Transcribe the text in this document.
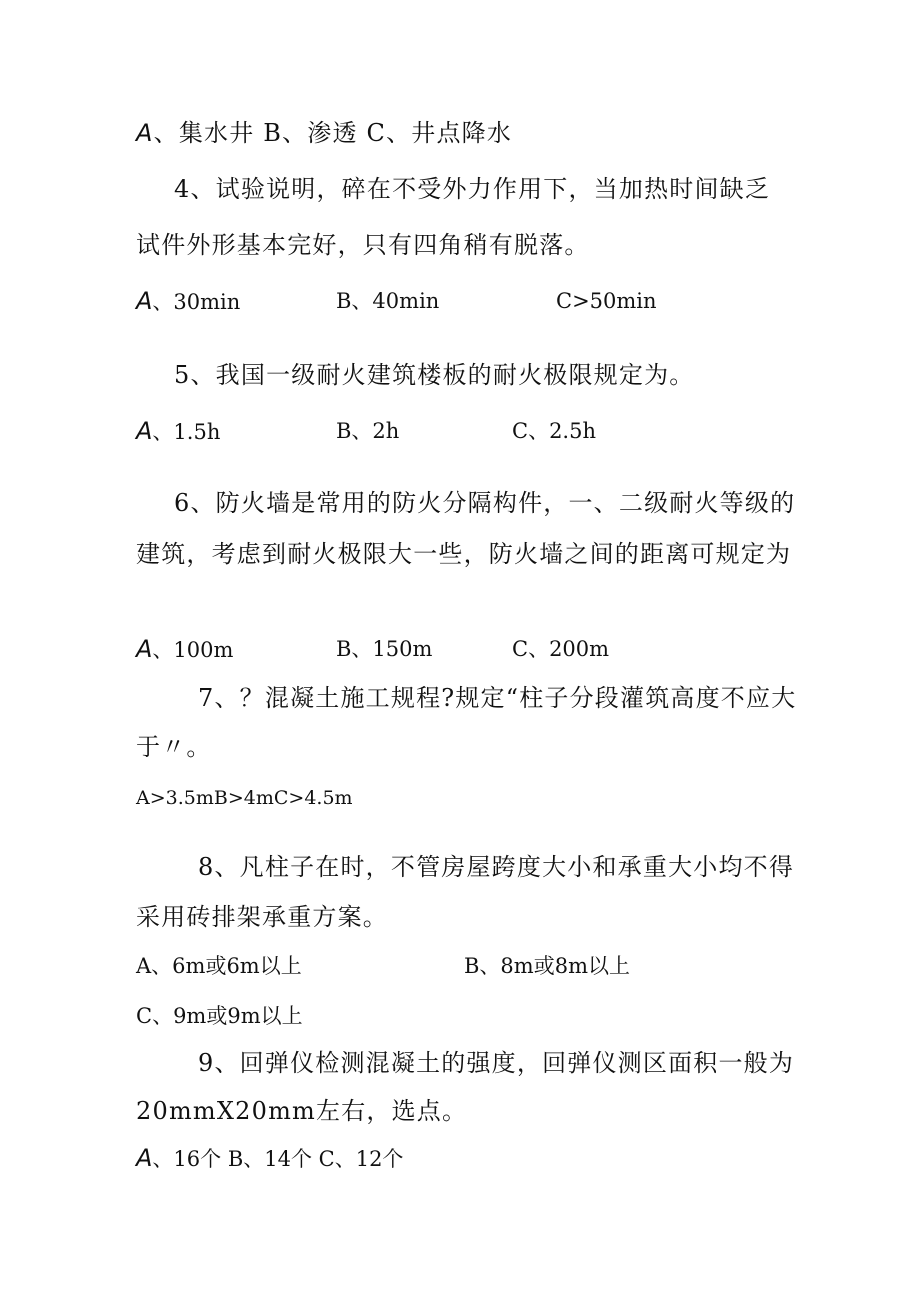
A、集水井 B、渗透 C、井点降水
4、试验说明，碎在不受外力作用下，当加热时间缺乏
试件外形基本完好，只有四角稍有脱落。
A、30min	B、40min	C>50min
5、我国一级耐火建筑楼板的耐火极限规定为。
A、1.5h	B、2h	C、2.5h
6、防火墙是常用的防火分隔构件，一、二级耐火等级的
建筑，考虑到耐火极限大一些，防火墙之间的距离可规定为
A、100m	B、150m	C、200m
7、？混凝土施工规程?规定“柱子分段灌筑高度不应大
于〃。
A>3.5mB>4mC>4.5m
8、凡柱子在时，不管房屋跨度大小和承重大小均不得
采用砖排架承重方案。
A、6m或6m以上	B、8m或8m以上
C、9m或9m以上
9、回弹仪检测混凝土的强度，回弹仪测区面积一般为
20mmX20mm左右，选点。
A、16个 B、14个 C、12个
